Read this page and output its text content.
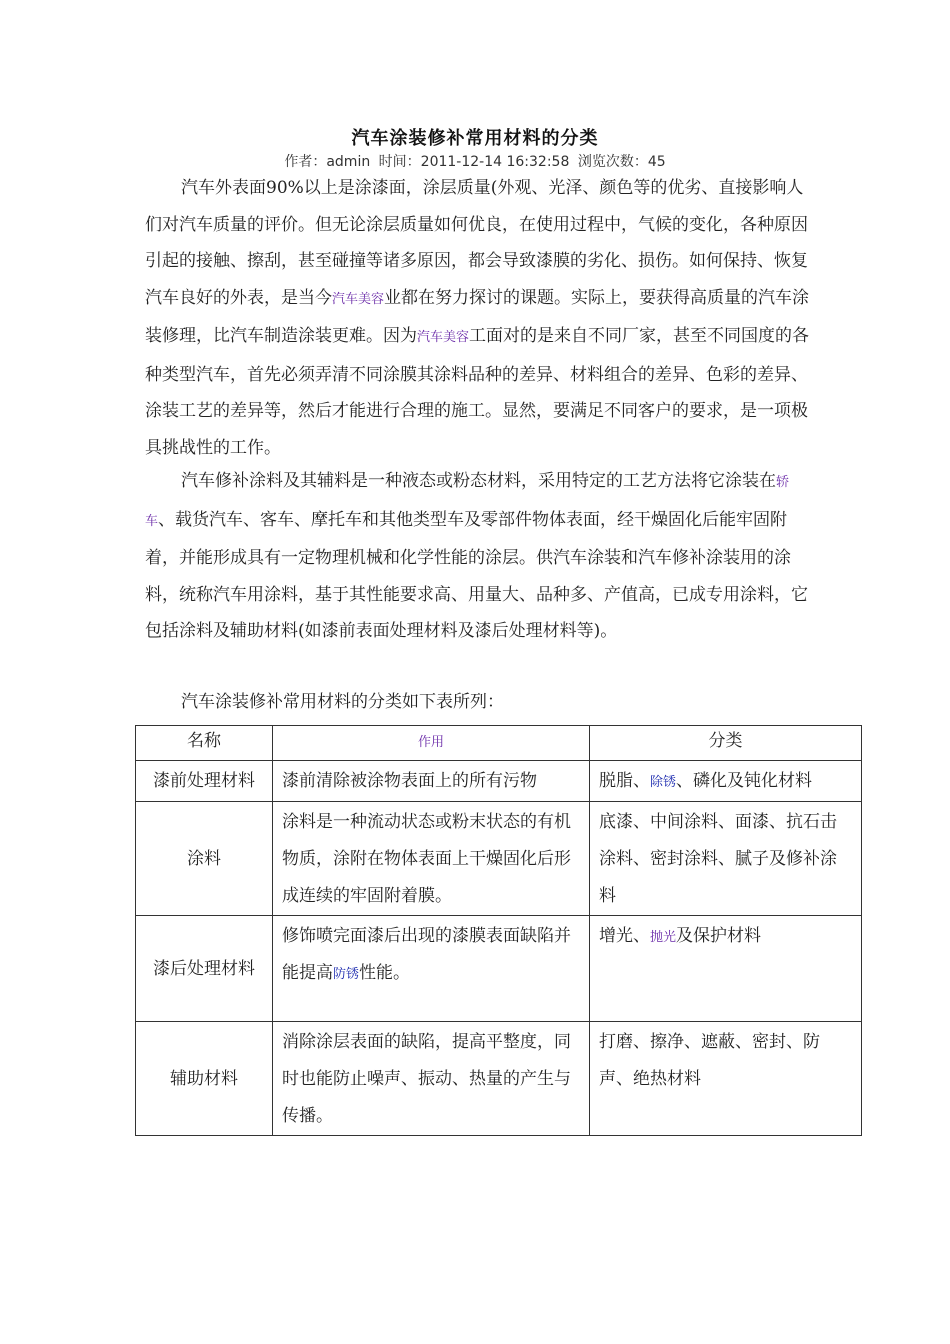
汽车涂装修补常用材料的分类
作者：admin 时间：2011-12-14 16:32:58 浏览次数：45

汽车外表面90%以上是涂漆面，涂层质量(外观、光泽、颜色等的优劣、直接影响人们对汽车质量的评价。但无论涂层质量如何优良，在使用过程中，气候的变化，各种原因引起的接触、擦刮，甚至碰撞等诸多原因，都会导致漆膜的劣化、损伤。如何保持、恢复汽车良好的外表，是当今汽车美容业都在努力探讨的课题。实际上，要获得高质量的汽车涂装修理，比汽车制造涂装更难。因为汽车美容工面对的是来自不同厂家，甚至不同国度的各种类型汽车，首先必须弄清不同涂膜其涂料品种的差异、材料组合的差异、色彩的差异、涂装工艺的差异等，然后才能进行合理的施工。显然，要满足不同客户的要求，是一项极具挑战性的工作。

汽车修补涂料及其辅料是一种液态或粉态材料，采用特定的工艺方法将它涂装在轿车、载货汽车、客车、摩托车和其他类型车及零部件物体表面，经干燥固化后能牢固附着，并能形成具有一定物理机械和化学性能的涂层。供汽车涂装和汽车修补涂装用的涂料，统称汽车用涂料，基于其性能要求高、用量大、品种多、产值高，已成专用涂料，它包括涂料及辅助材料(如漆前表面处理材料及漆后处理材料等)。

汽车涂装修补常用材料的分类如下表所列：

名称	作用	分类
漆前处理材料	漆前清除被涂物表面上的所有污物	脱脂、除锈、磷化及钝化材料
涂料	涂料是一种流动状态或粉末状态的有机物质，涂附在物体表面上干燥固化后形成连续的牢固附着膜。	底漆、中间涂料、面漆、抗石击涂料、密封涂料、腻子及修补涂料
漆后处理材料	修饰喷完面漆后出现的漆膜表面缺陷并能提高防锈性能。	增光、抛光及保护材料
辅助材料	消除涂层表面的缺陷，提高平整度，同时也能防止噪声、振动、热量的产生与传播。	打磨、擦净、遮蔽、密封、防声、绝热材料
